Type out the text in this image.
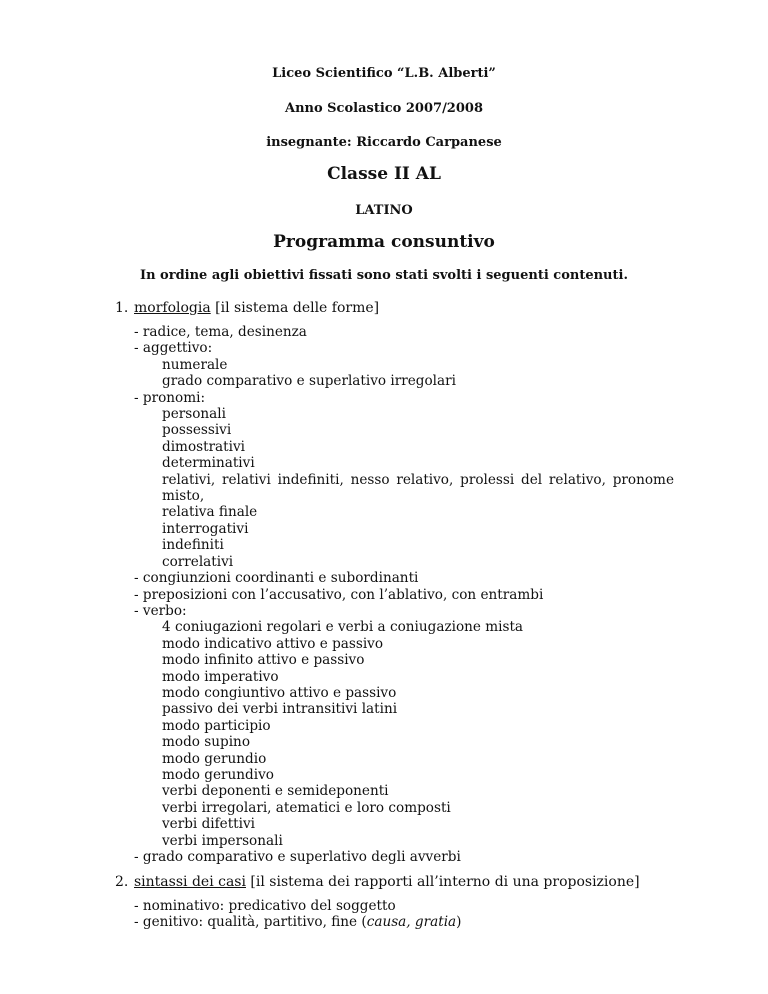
Liceo Scientifico “L.B. Alberti”
Anno Scolastico 2007/2008
insegnante: Riccardo Carpanese
Classe II AL
LATINO
Programma consuntivo
In ordine agli obiettivi fissati sono stati svolti i seguenti contenuti.
1. morfologia [il sistema delle forme]
- radice, tema, desinenza
- aggettivo:
numerale
grado comparativo e superlativo irregolari
- pronomi:
personali
possessivi
dimostrativi
determinativi
relativi, relativi indefiniti, nesso relativo, prolessi del relativo, pronome misto,
relativa finale
interrogativi
indefiniti
correlativi
- congiunzioni coordinanti e subordinanti
- preposizioni con l’accusativo, con l’ablativo, con entrambi
- verbo:
4 coniugazioni regolari e verbi a coniugazione mista
modo indicativo attivo e passivo
modo infinito attivo e passivo
modo imperativo
modo congiuntivo attivo e passivo
passivo dei verbi intransitivi latini
modo participio
modo supino
modo gerundio
modo gerundivo
verbi deponenti e semideponenti
verbi irregolari, atematici e loro composti
verbi difettivi
verbi impersonali
- grado comparativo e superlativo degli avverbi
2. sintassi dei casi [il sistema dei rapporti all’interno di una proposizione]
- nominativo: predicativo del soggetto
- genitivo: qualità, partitivo, fine (causa, gratia)
